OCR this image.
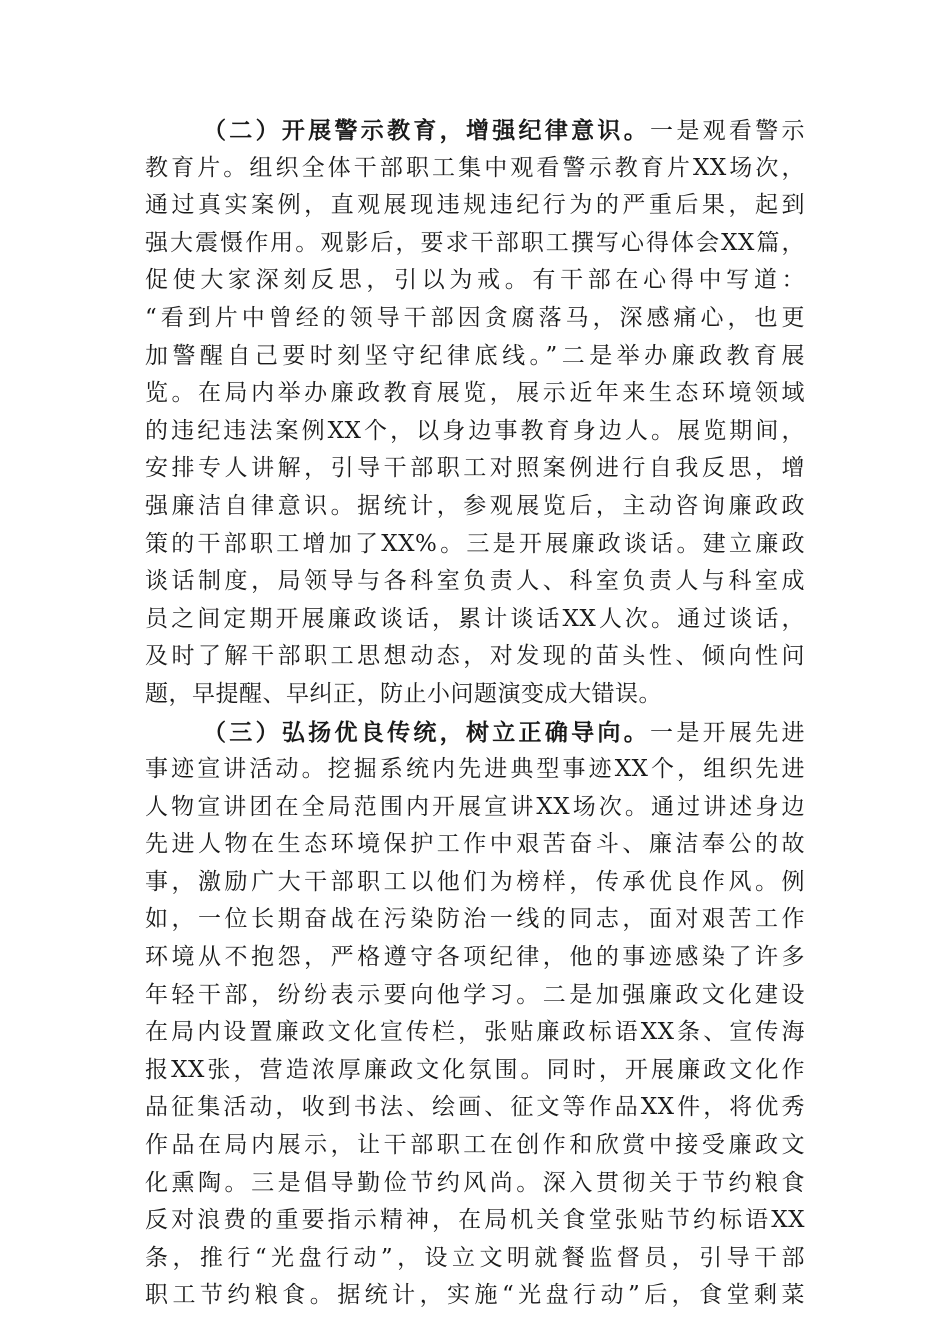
（二）开展警示教育，增强纪律意识。一是观看警示
教育片。组织全体干部职工集中观看警示教育片XX场次，
通过真实案例，直观展现违规违纪行为的严重后果，起到
强大震慑作用。观影后，要求干部职工撰写心得体会XX篇，
促使大家深刻反思，引以为戒。有干部在心得中写道：
“看到片中曾经的领导干部因贪腐落马，深感痛心，也更
加警醒自己要时刻坚守纪律底线。”二是举办廉政教育展
览。在局内举办廉政教育展览，展示近年来生态环境领域
的违纪违法案例XX个，以身边事教育身边人。展览期间，
安排专人讲解，引导干部职工对照案例进行自我反思，增
强廉洁自律意识。据统计，参观展览后，主动咨询廉政政
策的干部职工增加了XX%。三是开展廉政谈话。建立廉政
谈话制度，局领导与各科室负责人、科室负责人与科室成
员之间定期开展廉政谈话，累计谈话XX人次。通过谈话，
及时了解干部职工思想动态，对发现的苗头性、倾向性问
题，早提醒、早纠正，防止小问题演变成大错误。
（三）弘扬优良传统，树立正确导向。一是开展先进
事迹宣讲活动。挖掘系统内先进典型事迹XX个，组织先进
人物宣讲团在全局范围内开展宣讲XX场次。通过讲述身边
先进人物在生态环境保护工作中艰苦奋斗、廉洁奉公的故
事，激励广大干部职工以他们为榜样，传承优良作风。例
如，一位长期奋战在污染防治一线的同志，面对艰苦工作
环境从不抱怨，严格遵守各项纪律，他的事迹感染了许多
年轻干部，纷纷表示要向他学习。二是加强廉政文化建设
在局内设置廉政文化宣传栏，张贴廉政标语XX条、宣传海
报XX张，营造浓厚廉政文化氛围。同时，开展廉政文化作
品征集活动，收到书法、绘画、征文等作品XX件，将优秀
作品在局内展示，让干部职工在创作和欣赏中接受廉政文
化熏陶。三是倡导勤俭节约风尚。深入贯彻关于节约粮食
反对浪费的重要指示精神，在局机关食堂张贴节约标语XX
条，推行“光盘行动”，设立文明就餐监督员，引导干部
职工节约粮食。据统计，实施“光盘行动”后，食堂剩菜
